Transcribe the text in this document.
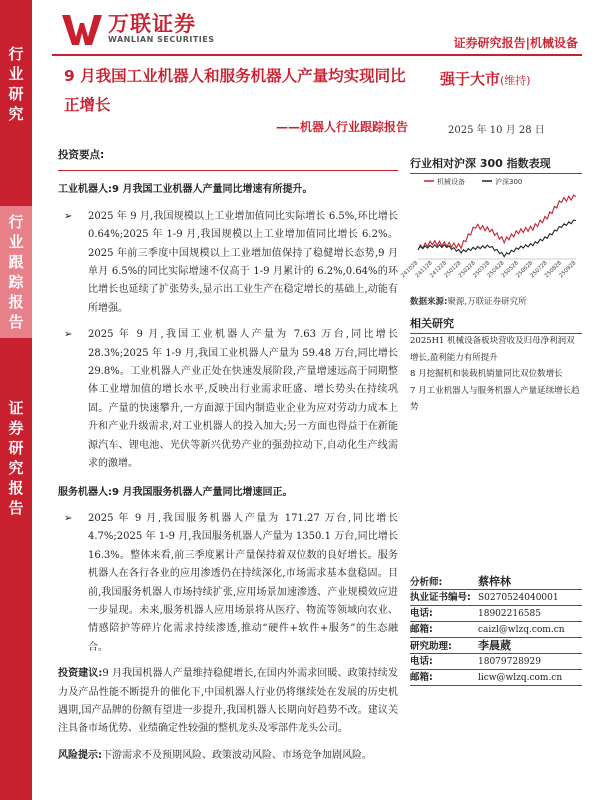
行
业
研
究
行
业
跟
踪
报
告
证
券
研
究
报
告
万联证券
WANLIAN SECURITIES	证券研究报告|机械设备
9 月我国工业机器人和服务机器人产量均实现同比正增长
——机器人行业跟踪报告
强于大市(维持)
2025 年 10 月 28 日
投资要点:
工业机器人:9 月我国工业机器人产量同比增速有所提升。
➢ 2025 年 9 月,我国规模以上工业增加值同比实际增长 6.5%,环比增长 0.64%;2025 年 1-9 月,我国规模以上工业增加值同比增长 6.2%。2025 年前三季度中国规模以上工业增加值保持了稳健增长态势,9 月单月 6.5%的同比实际增速不仅高于 1-9 月累计的 6.2%,0.64%的环比增长也延续了扩张势头,显示出工业生产在稳定增长的基础上,动能有所增强。
➢ 2025 年 9 月,我国工业机器人产量为 7.63 万台,同比增长 28.3%;2025 年 1-9 月,我国工业机器人产量为 59.48 万台,同比增长 29.8%。工业机器人产业正处在快速发展阶段,产量增速远高于同期整体工业增加值的增长水平,反映出行业需求旺盛、增长势头在持续巩固。产量的快速攀升,一方面源于国内制造业企业为应对劳动力成本上升和产业升级需求,对工业机器人的投入加大;另一方面也得益于在新能源汽车、锂电池、光伏等新兴优势产业的强劲拉动下,自动化生产线需求的激增。
服务机器人:9 月我国服务机器人产量同比增速回正。
➢ 2025 年 9 月,我国服务机器人产量为 171.27 万台,同比增长 4.7%;2025 年 1-9 月,我国服务机器人产量为 1350.1 万台,同比增长 16.3%。整体来看,前三季度累计产量保持着双位数的良好增长。服务机器人在各行各业的应用渗透仍在持续深化,市场需求基本盘稳固。目前,我国服务机器人市场持续扩张,应用场景加速渗透、产业规模效应进一步显现。未来,服务机器人应用场景将从医疗、物流等领域向农业、情感陪护等碎片化需求持续渗透,推动“硬件+软件+服务”的生态融合。
投资建议:9 月我国机器人产量维持稳健增长,在国内外需求回暖、政策持续发力及产品性能不断提升的催化下,中国机器人行业仍将继续处在发展的历史机遇期,国产品牌的份额有望进一步提升,我国机器人长期向好趋势不改。建议关注具备市场优势、业绩确定性较强的整机龙头及零部件龙头公司。
风险提示:下游需求不及预期风险、政策波动风险、市场竞争加剧风险。
行业相对沪深 300 指数表现
机械设备	沪深300
241028
241128
241228
250128
250228
250328
250428
250528
250628
250728
250828
250928
数据来源:聚源,万联证券研究所
相关研究
2025H1 机械设备板块营收及归母净利润双增长,盈利能力有所提升
8 月挖掘机和装载机销量同比双位数增长
7 月工业机器人与服务机器人产量延续增长趋势
分析师:	蔡梓林
执业证书编号: S0270524040001
电话:	18902216585
邮箱:	caizl@wlzq.com.cn
研究助理:	李晨葳
电话:	18079728929
邮箱:	licw@wlzq.com.cn
